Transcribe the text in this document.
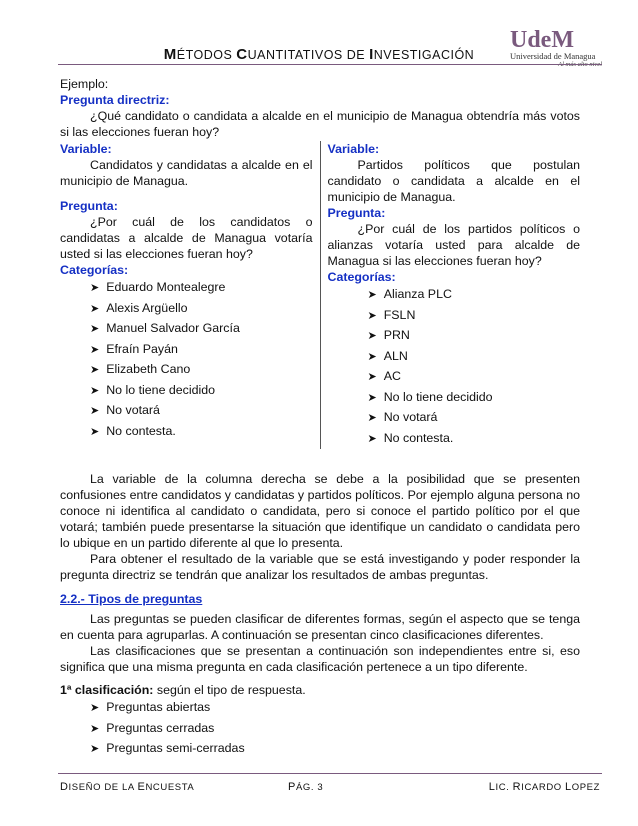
MÉTODOS CUANTITATIVOS DE INVESTIGACIÓN
UdeM
Universidad de Managua
Al más alto nivel

Ejemplo:

Pregunta directriz:

¿Qué candidato o candidata a alcalde en el municipio de Managua obtendría más votos si las elecciones fueran hoy?

Variable:

Candidatos y candidatas a alcalde en el municipio de Managua.

Pregunta:

¿Por cuál de los candidatos o candidatas a alcalde de Managua votaría usted si las elecciones fueran hoy?

Categorías:

➤ Eduardo Montealegre
➤ Alexis Argüello
➤ Manuel Salvador García
➤ Efraín Payán
➤ Elizabeth Cano
➤ No lo tiene decidido
➤ No votará
➤ No contesta.

Variable:

Partidos políticos que postulan candidato o candidata a alcalde en el municipio de Managua.

Pregunta:

¿Por cuál de los partidos políticos o alianzas votaría usted para alcalde de Managua si las elecciones fueran hoy?

Categorías:

➤ Alianza PLC
➤ FSLN
➤ PRN
➤ ALN
➤ AC
➤ No lo tiene decidido
➤ No votará
➤ No contesta.

La variable de la columna derecha se debe a la posibilidad que se presenten confusiones entre candidatos y candidatas y partidos políticos. Por ejemplo alguna persona no conoce ni identifica al candidato o candidata, pero si conoce el partido político por el que votará; también puede presentarse la situación que identifique un candidato o candidata pero lo ubique en un partido diferente al que lo presenta.

Para obtener el resultado de la variable que se está investigando y poder responder la pregunta directriz se tendrán que analizar los resultados de ambas preguntas.

2.2.- Tipos de preguntas

Las preguntas se pueden clasificar de diferentes formas, según el aspecto que se tenga en cuenta para agruparlas. A continuación se presentan cinco clasificaciones diferentes.

Las clasificaciones que se presentan a continuación son independientes entre si, eso significa que una misma pregunta en cada clasificación pertenece a un tipo diferente.

1ª clasificación: según el tipo de respuesta.

➤ Preguntas abiertas
➤ Preguntas cerradas
➤ Preguntas semi-cerradas
DISEÑO DE LA ENCUESTA	PÁG. 3	LIC. RICARDO LOPEZ
